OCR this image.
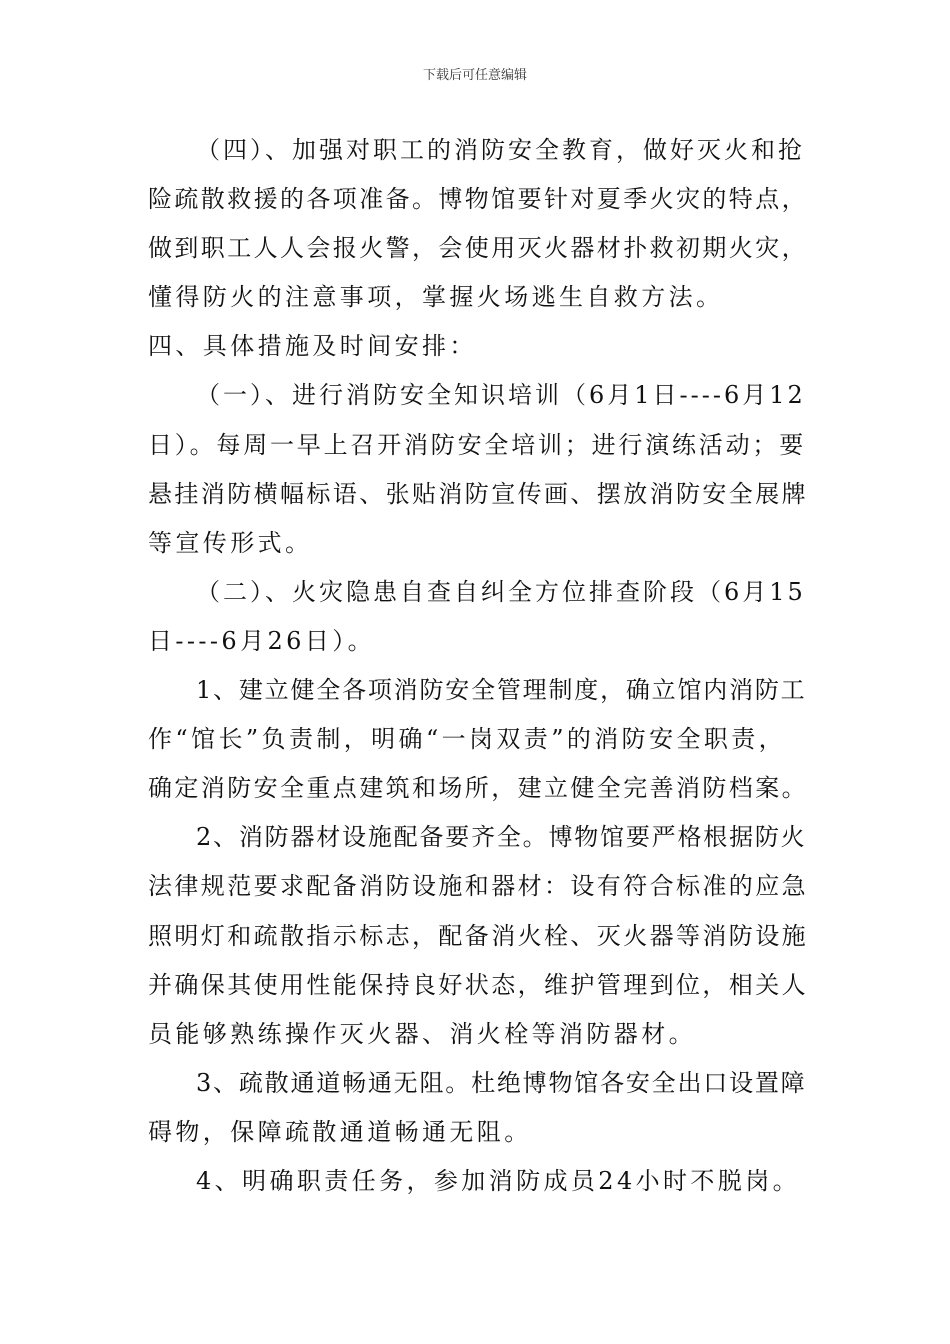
下载后可任意编辑
（四）、加强对职工的消防安全教育，做好灭火和抢
险疏散救援的各项准备。博物馆要针对夏季火灾的特点，
做到职工人人会报火警，会使用灭火器材扑救初期火灾，
懂得防火的注意事项，掌握火场逃生自救方法。
四、具体措施及时间安排：
（一）、进行消防安全知识培训（6月1日----6月12
日）。每周一早上召开消防安全培训；进行演练活动；要
悬挂消防横幅标语、张贴消防宣传画、摆放消防安全展牌
等宣传形式。
（二）、火灾隐患自查自纠全方位排查阶段（6月15
日----6月26日）。
1、建立健全各项消防安全管理制度，确立馆内消防工
作“馆长”负责制，明确“一岗双责”的消防安全职责，
确定消防安全重点建筑和场所，建立健全完善消防档案。
2、消防器材设施配备要齐全。博物馆要严格根据防火
法律规范要求配备消防设施和器材：设有符合标准的应急
照明灯和疏散指示标志，配备消火栓、灭火器等消防设施
并确保其使用性能保持良好状态，维护管理到位，相关人
员能够熟练操作灭火器、消火栓等消防器材。
3、疏散通道畅通无阻。杜绝博物馆各安全出口设置障
碍物，保障疏散通道畅通无阻。
4、明确职责任务，参加消防成员24小时不脱岗。
